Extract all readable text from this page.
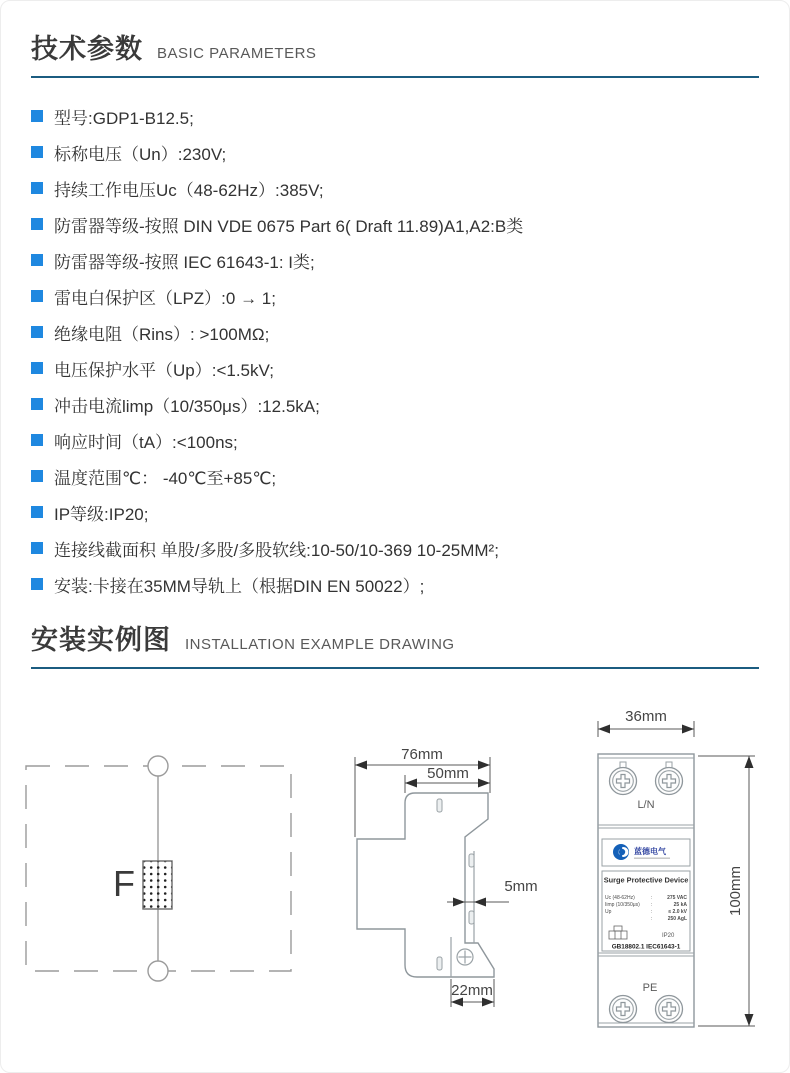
技术参数 BASIC PARAMETERS
型号:GDP1-B12.5;
标称电压（Un）:230V;
持续工作电压Uc（48-62Hz）:385V;
防雷器等级-按照 DIN VDE 0675 Part 6( Draft 11.89)A1,A2:B类
防雷器等级-按照 IEC 61643-1: I类;
雷电白保护区（LPZ）:0 → 1;
绝缘电阻（Rins）: >100MΩ;
电压保护水平（Up）:<1.5kV;
冲击电流limp（10/350μs）:12.5kA;
响应时间（tA）:<100ns;
温度范围℃： -40℃至+85℃;
IP等级:IP20;
连接线截面积 单股/多股/多股软线:10-50/10-369 10-25MM²;
安装:卡接在35MM导轨上（根据DIN EN 50022）;
安装实例图 INSTALLATION EXAMPLE DRAWING
F
76mm
50mm
5mm
22mm
L/N
蓝德电气
Surge Protective Device
Uc (48-62Hz)	:	275 VAC
Iimp (10/350μs) :	25 kA
Up	:	≤ 2.0 kV
:	250 AgL
IP20
GB18802.1 IEC61643-1
PE
36mm
100mm
